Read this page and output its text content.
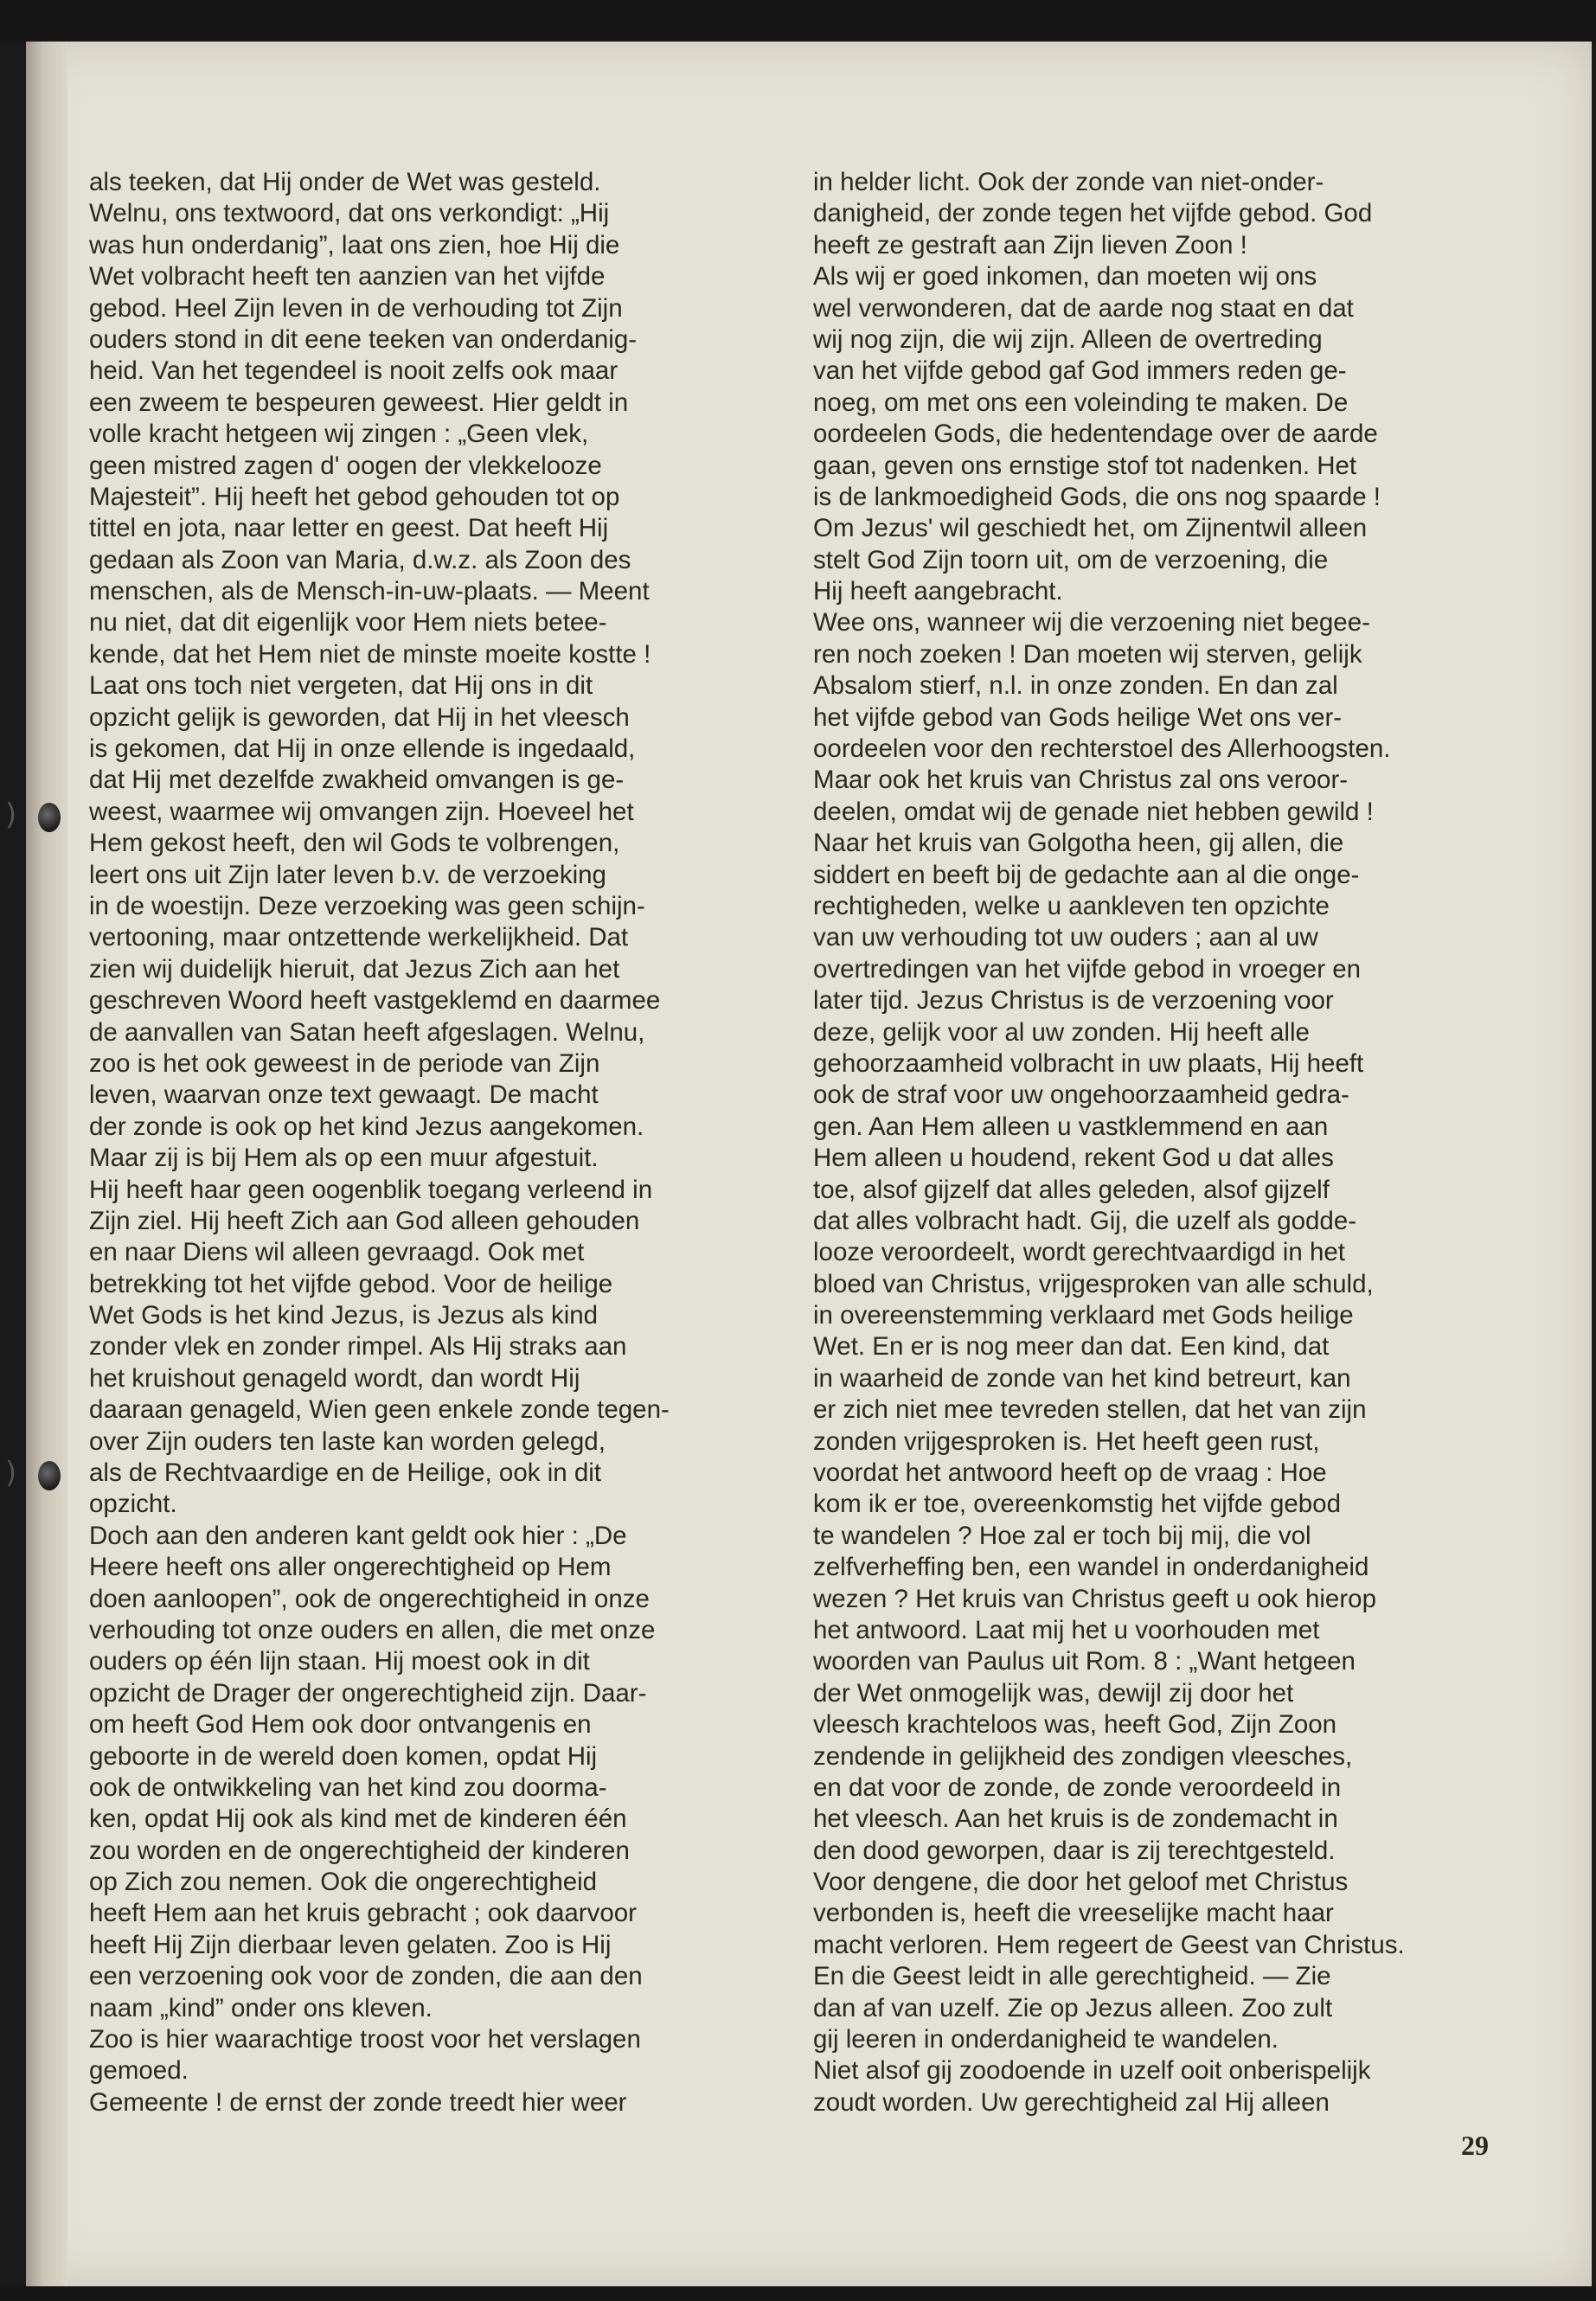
)
)
als teeken, dat Hij onder de Wet was gesteld.
Welnu, ons textwoord, dat ons verkondigt: „Hij
was hun onderdanig”, laat ons zien, hoe Hij die
Wet volbracht heeft ten aanzien van het vijfde
gebod. Heel Zijn leven in de verhouding tot Zijn
ouders stond in dit eene teeken van onderdanig-
heid. Van het tegendeel is nooit zelfs ook maar
een zweem te bespeuren geweest. Hier geldt in
volle kracht hetgeen wij zingen : „Geen vlek,
geen mistred zagen d' oogen der vlekkelooze
Majesteit”. Hij heeft het gebod gehouden tot op
tittel en jota, naar letter en geest. Dat heeft Hij
gedaan als Zoon van Maria, d.w.z. als Zoon des
menschen, als de Mensch-in-uw-plaats. — Meent
nu niet, dat dit eigenlijk voor Hem niets betee-
kende, dat het Hem niet de minste moeite kostte !
Laat ons toch niet vergeten, dat Hij ons in dit
opzicht gelijk is geworden, dat Hij in het vleesch
is gekomen, dat Hij in onze ellende is ingedaald,
dat Hij met dezelfde zwakheid omvangen is ge-
weest, waarmee wij omvangen zijn. Hoeveel het
Hem gekost heeft, den wil Gods te volbrengen,
leert ons uit Zijn later leven b.v. de verzoeking
in de woestijn. Deze verzoeking was geen schijn-
vertooning, maar ontzettende werkelijkheid. Dat
zien wij duidelijk hieruit, dat Jezus Zich aan het
geschreven Woord heeft vastgeklemd en daarmee
de aanvallen van Satan heeft afgeslagen. Welnu,
zoo is het ook geweest in de periode van Zijn
leven, waarvan onze text gewaagt. De macht
der zonde is ook op het kind Jezus aangekomen.
Maar zij is bij Hem als op een muur afgestuit.
Hij heeft haar geen oogenblik toegang verleend in
Zijn ziel. Hij heeft Zich aan God alleen gehouden
en naar Diens wil alleen gevraagd. Ook met
betrekking tot het vijfde gebod. Voor de heilige
Wet Gods is het kind Jezus, is Jezus als kind
zonder vlek en zonder rimpel. Als Hij straks aan
het kruishout genageld wordt, dan wordt Hij
daaraan genageld, Wien geen enkele zonde tegen-
over Zijn ouders ten laste kan worden gelegd,
als de Rechtvaardige en de Heilige, ook in dit
opzicht.
Doch aan den anderen kant geldt ook hier : „De
Heere heeft ons aller ongerechtigheid op Hem
doen aanloopen”, ook de ongerechtigheid in onze
verhouding tot onze ouders en allen, die met onze
ouders op één lijn staan. Hij moest ook in dit
opzicht de Drager der ongerechtigheid zijn. Daar-
om heeft God Hem ook door ontvangenis en
geboorte in de wereld doen komen, opdat Hij
ook de ontwikkeling van het kind zou doorma-
ken, opdat Hij ook als kind met de kinderen één
zou worden en de ongerechtigheid der kinderen
op Zich zou nemen. Ook die ongerechtigheid
heeft Hem aan het kruis gebracht ; ook daarvoor
heeft Hij Zijn dierbaar leven gelaten. Zoo is Hij
een verzoening ook voor de zonden, die aan den
naam „kind” onder ons kleven.
Zoo is hier waarachtige troost voor het verslagen
gemoed.
Gemeente ! de ernst der zonde treedt hier weer
in helder licht. Ook der zonde van niet-onder-
danigheid, der zonde tegen het vijfde gebod. God
heeft ze gestraft aan Zijn lieven Zoon !
Als wij er goed inkomen, dan moeten wij ons
wel verwonderen, dat de aarde nog staat en dat
wij nog zijn, die wij zijn. Alleen de overtreding
van het vijfde gebod gaf God immers reden ge-
noeg, om met ons een voleinding te maken. De
oordeelen Gods, die hedentendage over de aarde
gaan, geven ons ernstige stof tot nadenken. Het
is de lankmoedigheid Gods, die ons nog spaarde !
Om Jezus' wil geschiedt het, om Zijnentwil alleen
stelt God Zijn toorn uit, om de verzoening, die
Hij heeft aangebracht.
Wee ons, wanneer wij die verzoening niet begee-
ren noch zoeken ! Dan moeten wij sterven, gelijk
Absalom stierf, n.l. in onze zonden. En dan zal
het vijfde gebod van Gods heilige Wet ons ver-
oordeelen voor den rechterstoel des Allerhoogsten.
Maar ook het kruis van Christus zal ons veroor-
deelen, omdat wij de genade niet hebben gewild !
Naar het kruis van Golgotha heen, gij allen, die
siddert en beeft bij de gedachte aan al die onge-
rechtigheden, welke u aankleven ten opzichte
van uw verhouding tot uw ouders ; aan al uw
overtredingen van het vijfde gebod in vroeger en
later tijd. Jezus Christus is de verzoening voor
deze, gelijk voor al uw zonden. Hij heeft alle
gehoorzaamheid volbracht in uw plaats, Hij heeft
ook de straf voor uw ongehoorzaamheid gedra-
gen. Aan Hem alleen u vastklemmend en aan
Hem alleen u houdend, rekent God u dat alles
toe, alsof gijzelf dat alles geleden, alsof gijzelf
dat alles volbracht hadt. Gij, die uzelf als godde-
looze veroordeelt, wordt gerechtvaardigd in het
bloed van Christus, vrijgesproken van alle schuld,
in overeenstemming verklaard met Gods heilige
Wet. En er is nog meer dan dat. Een kind, dat
in waarheid de zonde van het kind betreurt, kan
er zich niet mee tevreden stellen, dat het van zijn
zonden vrijgesproken is. Het heeft geen rust,
voordat het antwoord heeft op de vraag : Hoe
kom ik er toe, overeenkomstig het vijfde gebod
te wandelen ? Hoe zal er toch bij mij, die vol
zelfverheffing ben, een wandel in onderdanigheid
wezen ? Het kruis van Christus geeft u ook hierop
het antwoord. Laat mij het u voorhouden met
woorden van Paulus uit Rom. 8 : „Want hetgeen
der Wet onmogelijk was, dewijl zij door het
vleesch krachteloos was, heeft God, Zijn Zoon
zendende in gelijkheid des zondigen vleesches,
en dat voor de zonde, de zonde veroordeeld in
het vleesch. Aan het kruis is de zondemacht in
den dood geworpen, daar is zij terechtgesteld.
Voor dengene, die door het geloof met Christus
verbonden is, heeft die vreeselijke macht haar
macht verloren. Hem regeert de Geest van Christus.
En die Geest leidt in alle gerechtigheid. — Zie
dan af van uzelf. Zie op Jezus alleen. Zoo zult
gij leeren in onderdanigheid te wandelen.
Niet alsof gij zoodoende in uzelf ooit onberispelijk
zoudt worden. Uw gerechtigheid zal Hij alleen
29
